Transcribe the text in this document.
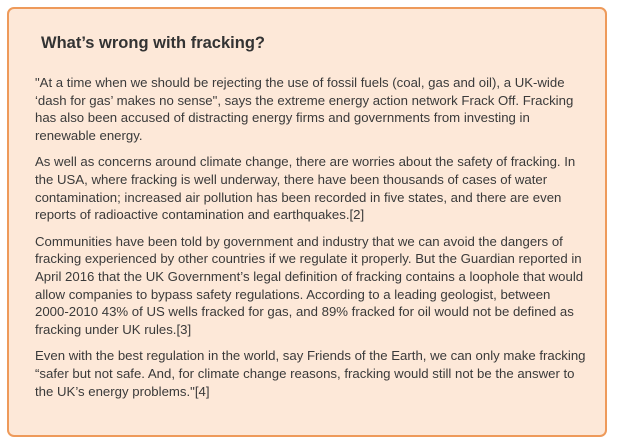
What’s wrong with fracking?

"At a time when we should be rejecting the use of fossil fuels (coal, gas and oil), a UK-wide ‘dash for gas’ makes no sense", says the extreme energy action network Frack Off. Fracking has also been accused of distracting energy firms and governments from investing in renewable energy.

As well as concerns around climate change, there are worries about the safety of fracking. In the USA, where fracking is well underway, there have been thousands of cases of water contamination; increased air pollution has been recorded in five states, and there are even reports of radioactive contamination and earthquakes.[2]

Communities have been told by government and industry that we can avoid the dangers of fracking experienced by other countries if we regulate it properly. But the Guardian reported in April 2016 that the UK Government’s legal definition of fracking contains a loophole that would allow companies to bypass safety regulations. According to a leading geologist, between 2000-2010 43% of US wells fracked for gas, and 89% fracked for oil would not be defined as fracking under UK rules.[3]

Even with the best regulation in the world, say Friends of the Earth, we can only make fracking “safer but not safe. And, for climate change reasons, fracking would still not be the answer to the UK’s energy problems."[4]
